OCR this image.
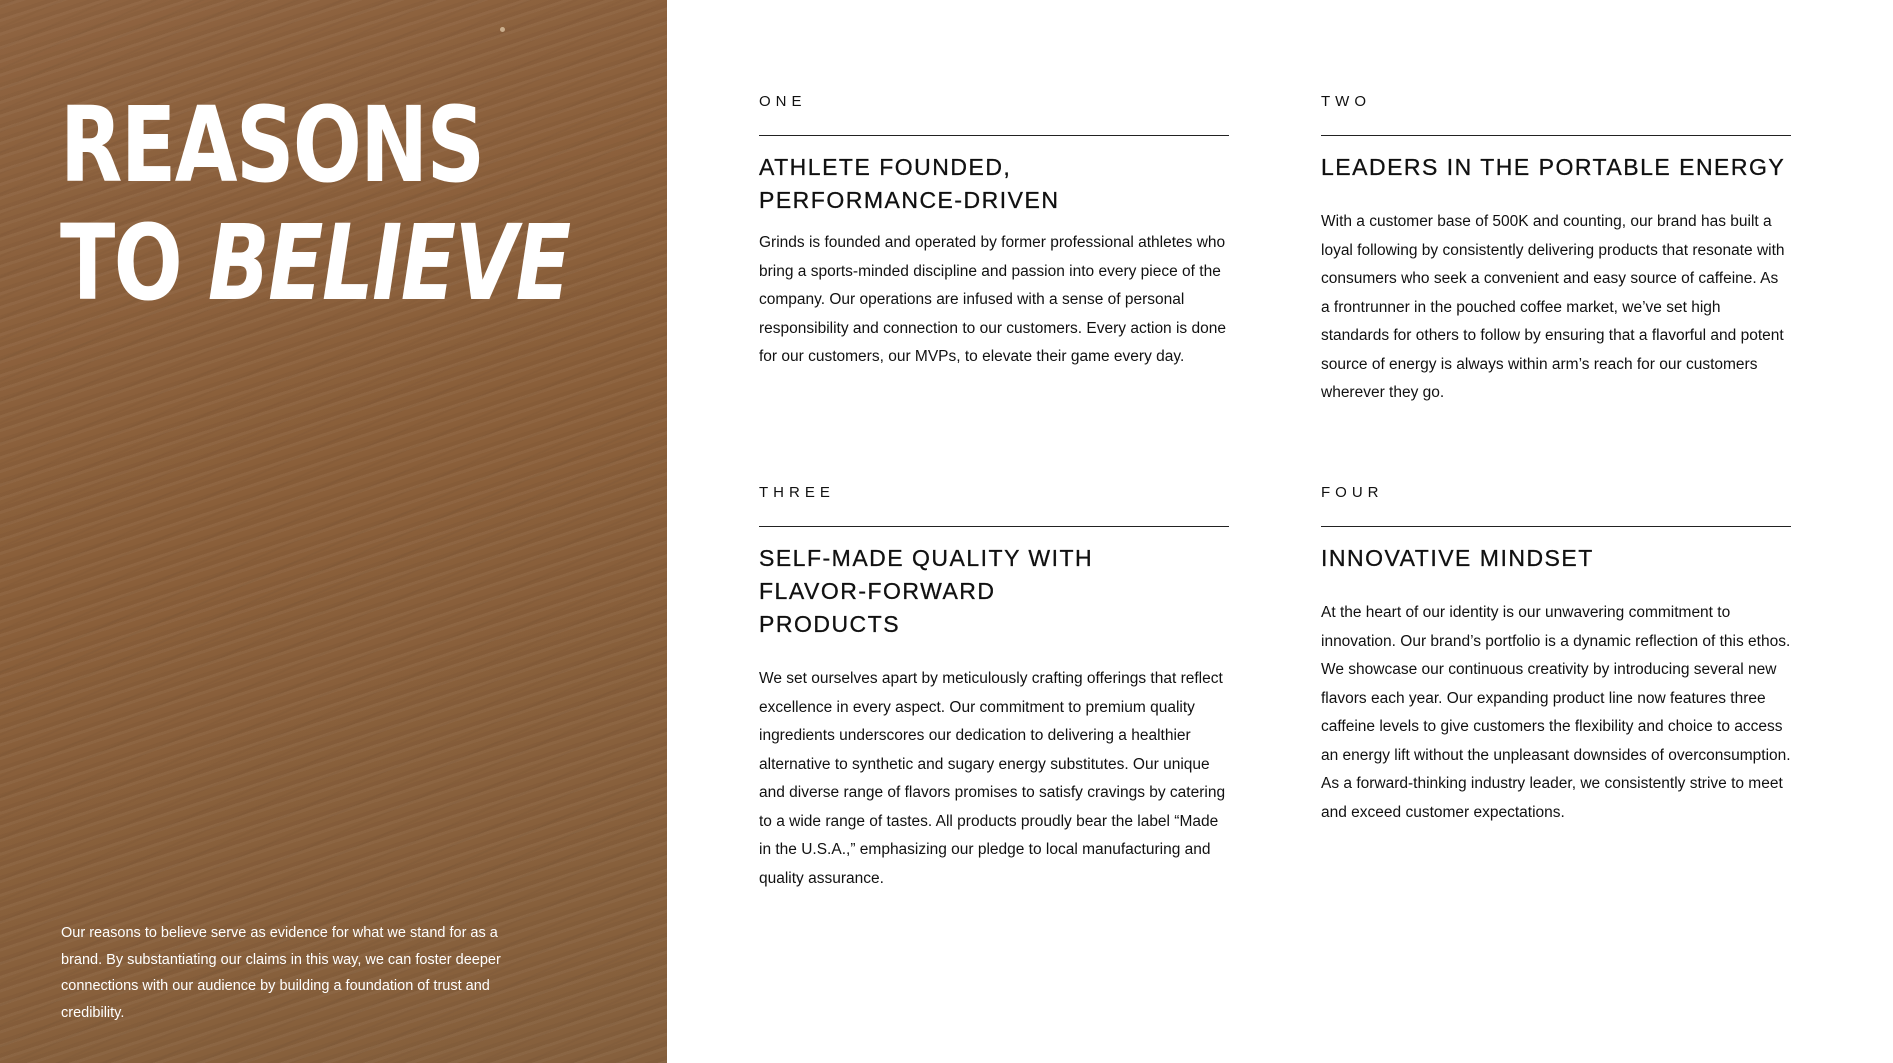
REASONS
TO BELIEVE

Our reasons to believe serve as evidence for what we stand for as a brand. By substantiating our claims in this way, we can foster deeper connections with our audience by building a foundation of trust and credibility.

ONE

ATHLETE FOUNDED, PERFORMANCE-DRIVEN

Grinds is founded and operated by former professional athletes who bring a sports-minded discipline and passion into every piece of the company. Our operations are infused with a sense of personal responsibility and connection to our customers. Every action is done for our customers, our MVPs, to elevate their game every day.

TWO

LEADERS IN THE PORTABLE ENERGY

With a customer base of 500K and counting, our brand has built a loyal following by consistently delivering products that resonate with consumers who seek a convenient and easy source of caffeine. As a frontrunner in the pouched coffee market, we’ve set high standards for others to follow by ensuring that a flavorful and potent source of energy is always within arm’s reach for our customers wherever they go.

THREE

SELF-MADE QUALITY WITH FLAVOR-FORWARD PRODUCTS

We set ourselves apart by meticulously crafting offerings that reflect excellence in every aspect. Our commitment to premium quality ingredients underscores our dedication to delivering a healthier alternative to synthetic and sugary energy substitutes. Our unique and diverse range of flavors promises to satisfy cravings by catering to a wide range of tastes. All products proudly bear the label “Made in the U.S.A.,” emphasizing our pledge to local manufacturing and quality assurance.

FOUR

INNOVATIVE MINDSET

At the heart of our identity is our unwavering commitment to innovation. Our brand’s portfolio is a dynamic reflection of this ethos. We showcase our continuous creativity by introducing several new flavors each year. Our expanding product line now features three caffeine levels to give customers the flexibility and choice to access an energy lift without the unpleasant downsides of overconsumption. As a forward-thinking industry leader, we consistently strive to meet and exceed customer expectations.
